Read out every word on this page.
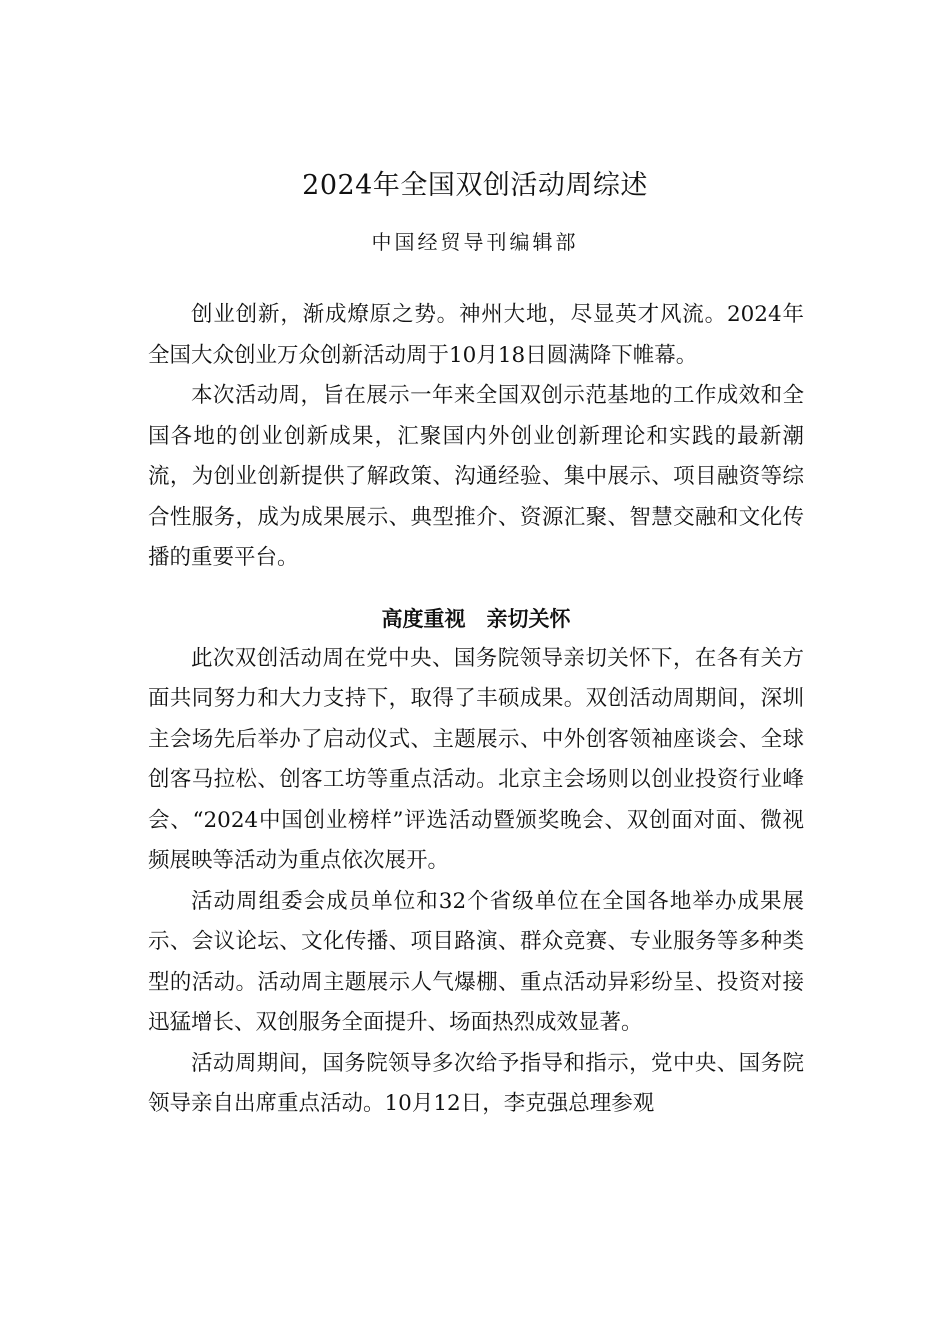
2024年全国双创活动周综述
中国经贸导刊编辑部

创业创新，渐成燎原之势。神州大地，尽显英才风流。2024年全国大众创业万众创新活动周于10月18日圆满降下帷幕。

本次活动周，旨在展示一年来全国双创示范基地的工作成效和全国各地的创业创新成果，汇聚国内外创业创新理论和实践的最新潮流，为创业创新提供了解政策、沟通经验、集中展示、项目融资等综合性服务，成为成果展示、典型推介、资源汇聚、智慧交融和文化传播的重要平台。

高度重视　亲切关怀

此次双创活动周在党中央、国务院领导亲切关怀下，在各有关方面共同努力和大力支持下，取得了丰硕成果。双创活动周期间，深圳主会场先后举办了启动仪式、主题展示、中外创客领袖座谈会、全球创客马拉松、创客工坊等重点活动。北京主会场则以创业投资行业峰会、“2024中国创业榜样”评选活动暨颁奖晚会、双创面对面、微视频展映等活动为重点依次展开。

活动周组委会成员单位和32个省级单位在全国各地举办成果展示、会议论坛、文化传播、项目路演、群众竞赛、专业服务等多种类型的活动。活动周主题展示人气爆棚、重点活动异彩纷呈、投资对接迅猛增长、双创服务全面提升、场面热烈成效显著。

活动周期间，国务院领导多次给予指导和指示，党中央、国务院领导亲自出席重点活动。10月12日，李克强总理参观
